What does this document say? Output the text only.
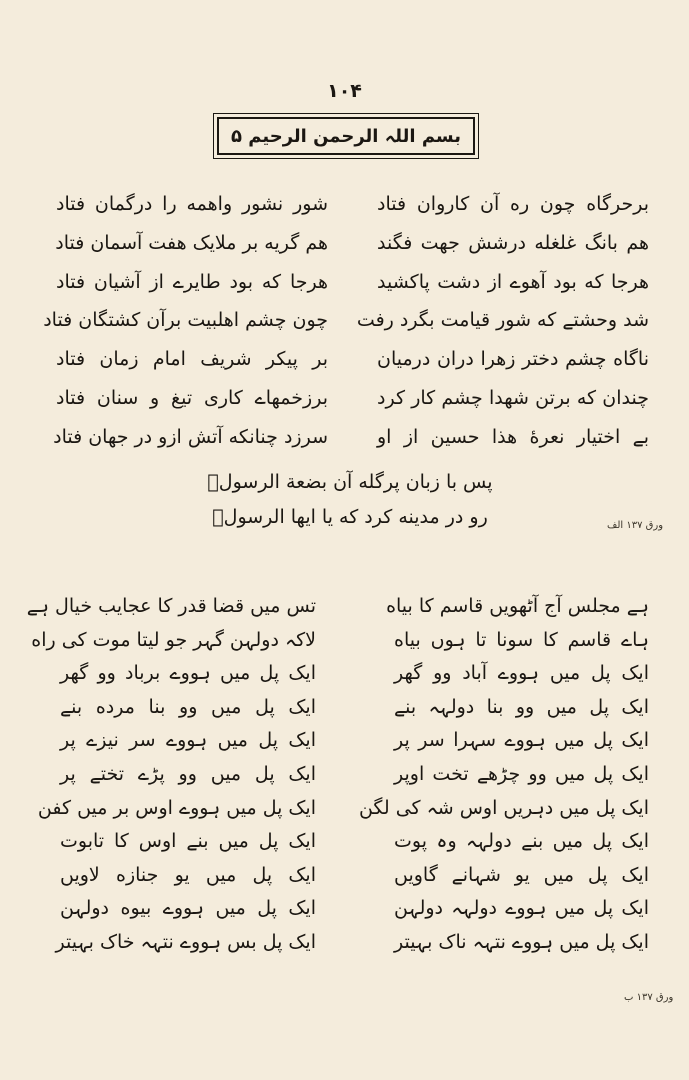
۱۰۴
بسم اللہ الرحمن الرحیم ۵
برحرگاه چون ره آن کاروان فتاد
هم بانگ غلغله درشش جهت فگند
هرجا که بود آهوے از دشت پاکشید
شد وحشتے که شور قیامت بگرد رفت
ناگاه چشم دختر زهرا دران درمیان
چندان که برتن شهدا چشم کار کرد
بے اختیار نعرهٔ هذا حسین از او
شور نشور واهمه را درگمان فتاد
هم گریه بر ملایک هفت آسمان فتاد
هرجا که بود طایرے از آشیان فتاد
چون چشم اهلبیت برآن کشتگان فتاد
بر پیکر شریف امام زمان فتاد
برزخمهاے کاری تیغ و سنان فتاد
سرزد چنانکه آتش ازو در جهان فتاد
پس با زبان پرگله آن بضعة الرسولؐ
رو در مدینه کرد که یا ایها الرسولؐ	ورق ۱۳۷ الف
ہے مجلس آج آٹھویں قاسم کا بیاه
ہاے قاسم کا سونا تا ہوں بیاه
ایک پل میں ہووے آباد وو گھر
ایک پل میں وو بنا دولہہ بنے
ایک پل میں ہووے سہرا سر پر
ایک پل میں وو چڑھے تخت اوپر
ایک پل میں دہریں اوس شہ کی لگن
ایک پل میں بنے دولہہ وہ پوت
ایک پل میں یو شہانے گاویں
ایک پل میں ہووے دولہہ دولہن
ایک پل میں ہووے نتہہ ناک بہیتر
تس میں قضا قدر کا عجایب خیال ہے
لاکہ دولہن گہر جو لیتا موت کی راه
ایک پل میں ہووے برباد وو گھر
ایک پل میں وو بنا مرده بنے
ایک پل میں ہووے سر نیزے پر
ایک پل میں وو پڑے تختے پر
ایک پل میں ہووے اوس بر میں کفن
ایک پل میں بنے اوس کا تابوت
ایک پل میں یو جنازه لاویں
ایک پل میں ہووے بیوه دولہن
ایک پل بس ہووے نتہہ خاک بہیتر
ورق ۱۳۷ ب
